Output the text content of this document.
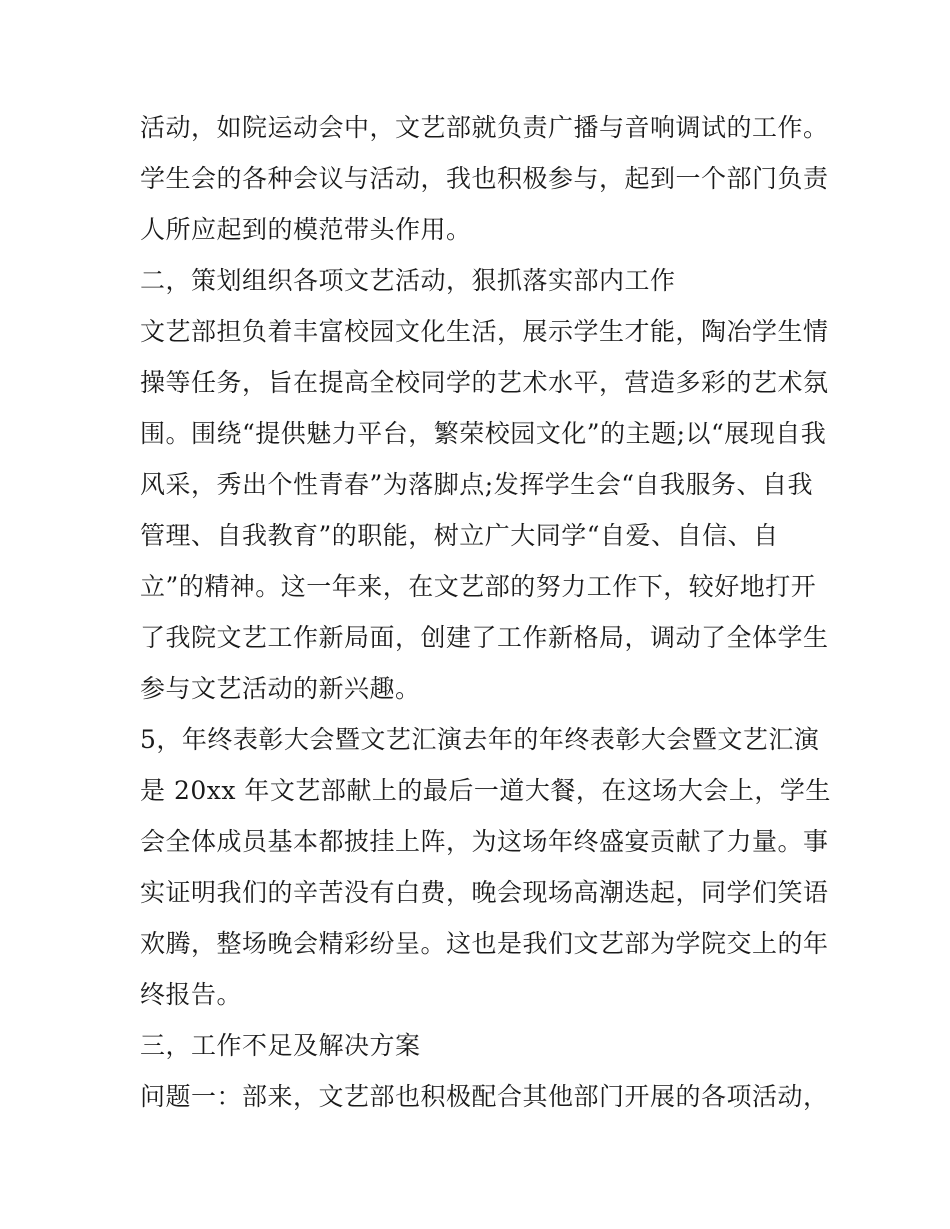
活动，如院运动会中，文艺部就负责广播与音响调试的工作。

学生会的各种会议与活动，我也积极参与，起到一个部门负责

人所应起到的模范带头作用。

二，策划组织各项文艺活动，狠抓落实部内工作

文艺部担负着丰富校园文化生活，展示学生才能，陶冶学生情

操等任务，旨在提高全校同学的艺术水平，营造多彩的艺术氛

围。围绕“提供魅力平台，繁荣校园文化”的主题;以“展现自我

风采，秀出个性青春”为落脚点;发挥学生会“自我服务、自我

管理、自我教育”的职能，树立广大同学“自爱、自信、自

立”的精神。这一年来，在文艺部的努力工作下，较好地打开

了我院文艺工作新局面，创建了工作新格局，调动了全体学生

参与文艺活动的新兴趣。

5，年终表彰大会暨文艺汇演去年的年终表彰大会暨文艺汇演

是 20xx 年文艺部献上的最后一道大餐，在这场大会上，学生

会全体成员基本都披挂上阵，为这场年终盛宴贡献了力量。事

实证明我们的辛苦没有白费，晚会现场高潮迭起，同学们笑语

欢腾，整场晚会精彩纷呈。这也是我们文艺部为学院交上的年

终报告。

三，工作不足及解决方案

问题一：部来，文艺部也积极配合其他部门开展的各项活动，
